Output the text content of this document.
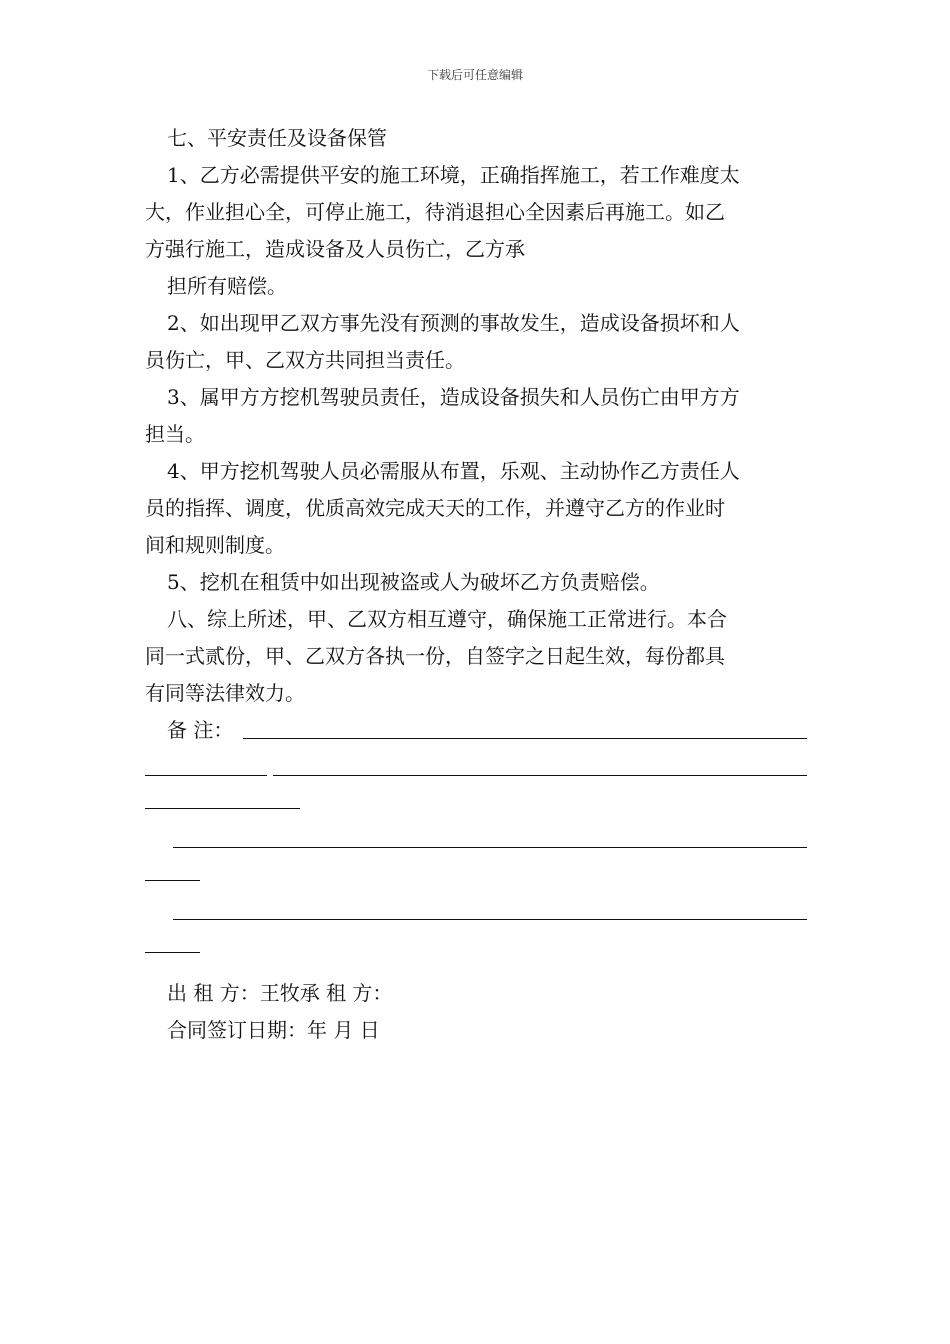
下载后可任意编辑

七、平安责任及设备保管

1、乙方必需提供平安的施工环境，正确指挥施工，若工作难度太

大，作业担心全，可停止施工，待消退担心全因素后再施工。如乙

方强行施工，造成设备及人员伤亡，乙方承

担所有赔偿。

2、如出现甲乙双方事先没有预测的事故发生，造成设备损坏和人

员伤亡，甲、乙双方共同担当责任。

3、属甲方方挖机驾驶员责任，造成设备损失和人员伤亡由甲方方

担当。

4、甲方挖机驾驶人员必需服从布置，乐观、主动协作乙方责任人

员的指挥、调度，优质高效完成天天的工作，并遵守乙方的作业时

间和规则制度。

5、挖机在租赁中如出现被盗或人为破坏乙方负责赔偿。

八、综上所述，甲、乙双方相互遵守，确保施工正常进行。本合

同一式贰份，甲、乙双方各执一份，自签字之日起生效，每份都具

有同等法律效力。

备 注：

出 租 方：王牧承 租 方：

合同签订日期：年 月 日
